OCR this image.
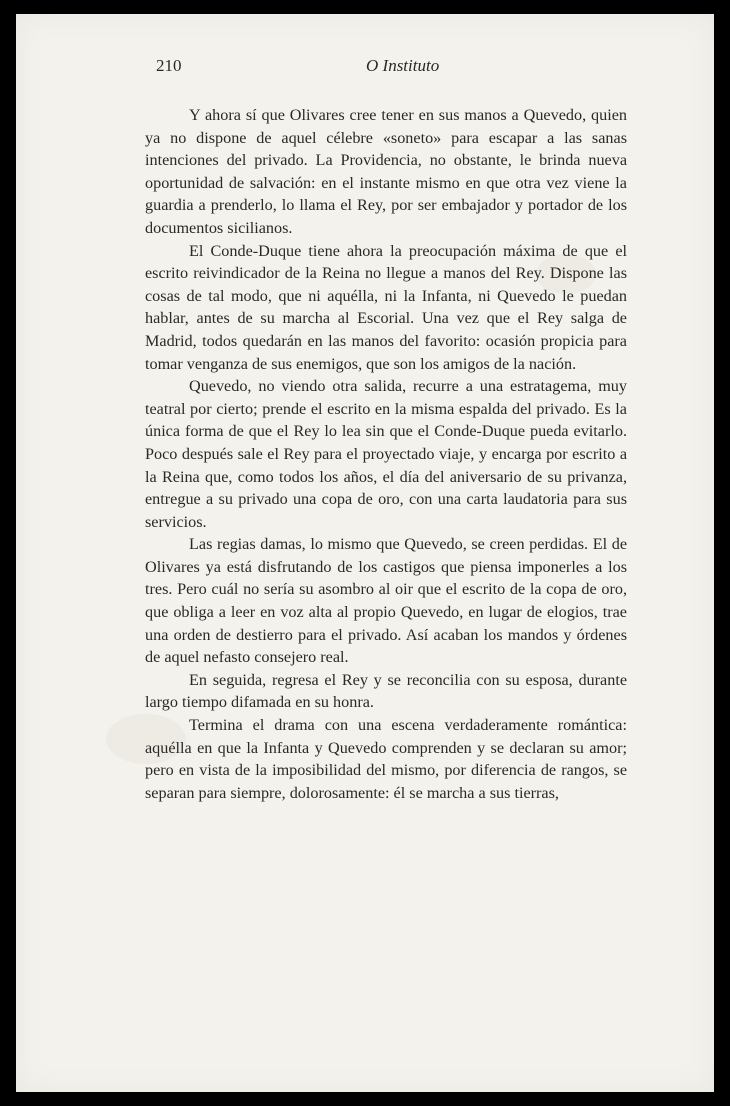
210	O Instituto

Y ahora sí que Olivares cree tener en sus manos a Quevedo, quien ya no dispone de aquel célebre «soneto» para escapar a las sanas intenciones del privado. La Providencia, no obstante, le brinda nueva oportunidad de salvación: en el instante mismo en que otra vez viene la guardia a prenderlo, lo llama el Rey, por ser embajador y portador de los documentos sicilianos.

El Conde-Duque tiene ahora la preocupación máxima de que el escrito reivindicador de la Reina no llegue a manos del Rey. Dispone las cosas de tal modo, que ni aquélla, ni la Infanta, ni Quevedo le puedan hablar, antes de su marcha al Escorial. Una vez que el Rey salga de Madrid, todos quedarán en las manos del favorito: ocasión propicia para tomar venganza de sus enemigos, que son los amigos de la nación.

Quevedo, no viendo otra salida, recurre a una estratagema, muy teatral por cierto; prende el escrito en la misma espalda del privado. Es la única forma de que el Rey lo lea sin que el Conde-Duque pueda evitarlo. Poco después sale el Rey para el proyectado viaje, y encarga por escrito a la Reina que, como todos los años, el día del aniversario de su privanza, entregue a su privado una copa de oro, con una carta laudatoria para sus servicios.

Las regias damas, lo mismo que Quevedo, se creen perdidas. El de Olivares ya está disfrutando de los castigos que piensa imponerles a los tres. Pero cuál no sería su asombro al oir que el escrito de la copa de oro, que obliga a leer en voz alta al propio Quevedo, en lugar de elogios, trae una orden de destierro para el privado. Así acaban los mandos y órdenes de aquel nefasto consejero real.

En seguida, regresa el Rey y se reconcilia con su esposa, durante largo tiempo difamada en su honra.

Termina el drama con una escena verdaderamente romántica: aquélla en que la Infanta y Quevedo comprenden y se declaran su amor; pero en vista de la imposibilidad del mismo, por diferencia de rangos, se separan para siempre, dolorosamente: él se marcha a sus tierras,
